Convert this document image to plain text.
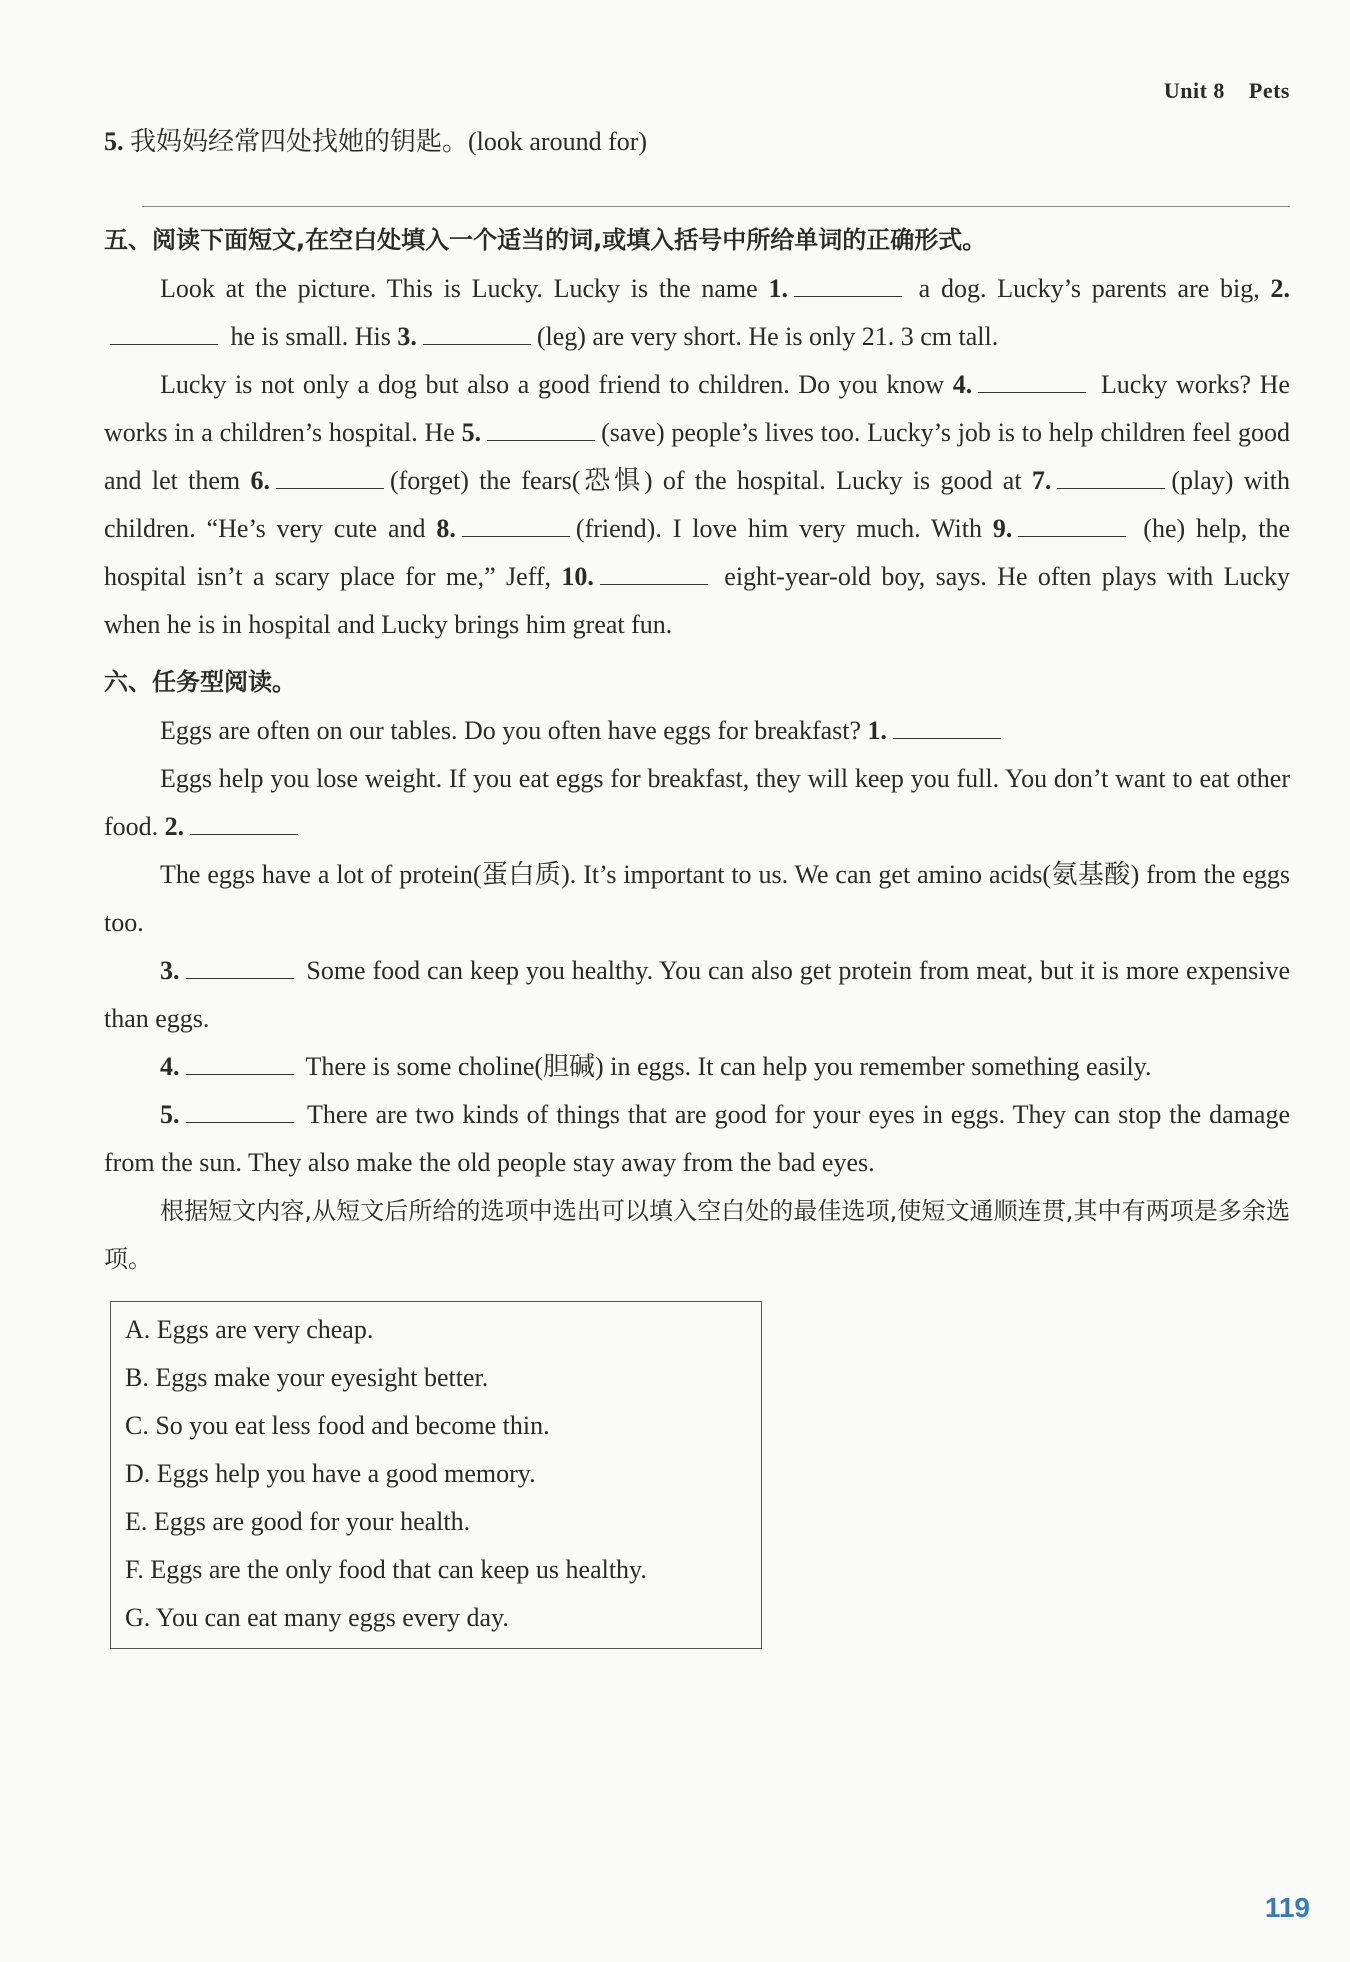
Unit 8 Pets

5. 我妈妈经常四处找她的钥匙。(look around for)

五、阅读下面短文,在空白处填入一个适当的词,或填入括号中所给单词的正确形式。

Look at the picture. This is Lucky. Lucky is the name 1.	a dog. Lucky’s parents are big, 2. he is small. His 3.	(leg) are very short. He is only 21. 3 cm tall.

Lucky is not only a dog but also a good friend to children. Do you know 4.	Lucky works? He works in a children’s hospital. He 5.	(save) people’s lives too. Lucky’s job is to help children feel good and let them 6.	(forget) the fears(恐惧) of the hospital. Lucky is good at 7.	(play) with children. “He’s very cute and 8.	(friend). I love him very much. With 9.	(he) help, the hospital isn’t a scary place for me,” Jeff, 10.	eight-year-old boy, says. He often plays with Lucky when he is in hospital and Lucky brings him great fun.

六、任务型阅读。

Eggs are often on our tables. Do you often have eggs for breakfast? 1.

Eggs help you lose weight. If you eat eggs for breakfast, they will keep you full. You don’t want to eat other food. 2.

The eggs have a lot of protein(蛋白质). It’s important to us. We can get amino acids(氨基酸) from the eggs too.

3.	Some food can keep you healthy. You can also get protein from meat, but it is more expensive than eggs.

4.	There is some choline(胆碱) in eggs. It can help you remember something easily.

5.	There are two kinds of things that are good for your eyes in eggs. They can stop the damage from the sun. They also make the old people stay away from the bad eyes.

根据短文内容,从短文后所给的选项中选出可以填入空白处的最佳选项,使短文通顺连贯,其中有两项是多余选项。

A. Eggs are very cheap.
B. Eggs make your eyesight better.
C. So you eat less food and become thin.
D. Eggs help you have a good memory.
E. Eggs are good for your health.
F. Eggs are the only food that can keep us healthy.
G. You can eat many eggs every day.
119
